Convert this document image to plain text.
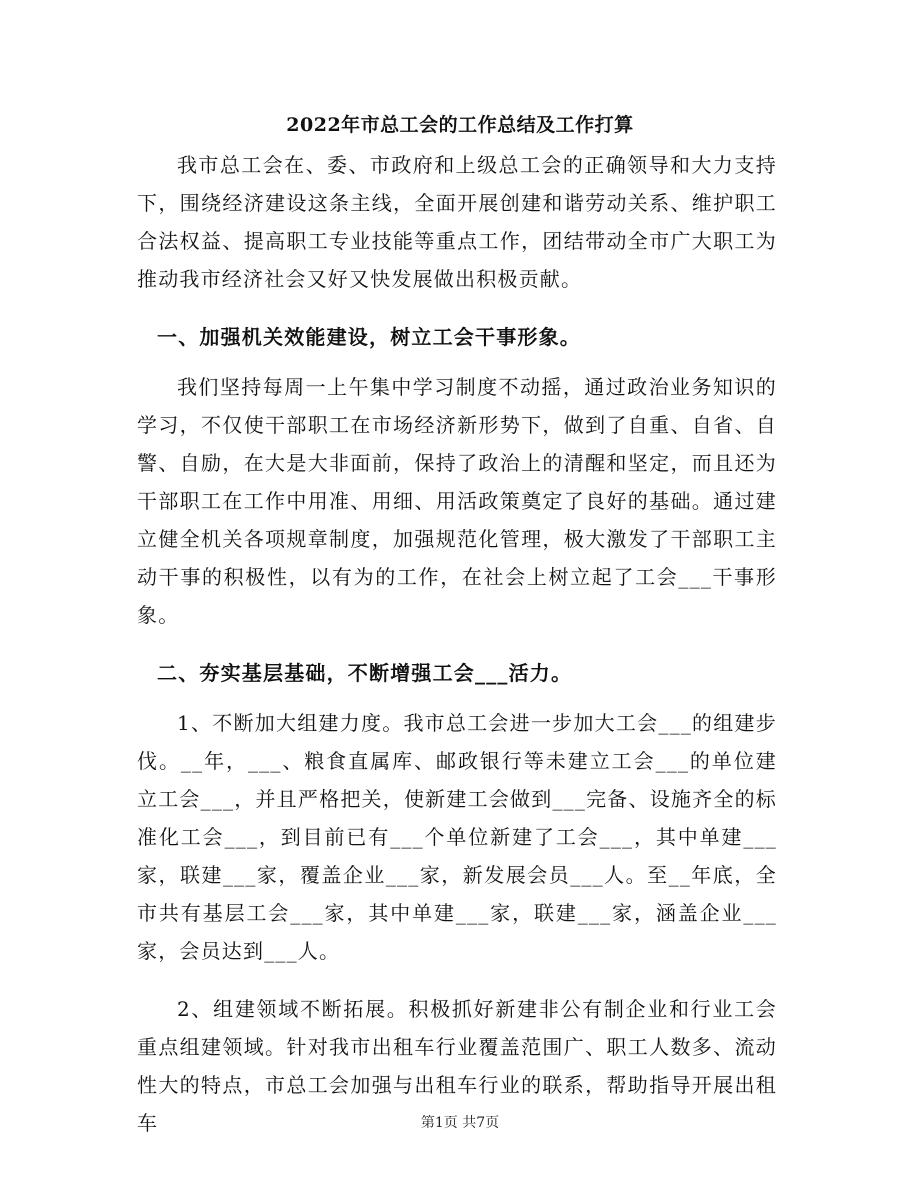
2022年市总工会的工作总结及工作打算

我市总工会在、委、市政府和上级总工会的正确领导和大力支持下，围绕经济建设这条主线，全面开展创建和谐劳动关系、维护职工合法权益、提高职工专业技能等重点工作，团结带动全市广大职工为推动我市经济社会又好又快发展做出积极贡献。

一、加强机关效能建设，树立工会干事形象。

我们坚持每周一上午集中学习制度不动摇，通过政治业务知识的学习，不仅使干部职工在市场经济新形势下，做到了自重、自省、自警、自励，在大是大非面前，保持了政治上的清醒和坚定，而且还为干部职工在工作中用准、用细、用活政策奠定了良好的基础。通过建立健全机关各项规章制度，加强规范化管理，极大激发了干部职工主动干事的积极性，以有为的工作，在社会上树立起了工会___干事形象。

二、夯实基层基础，不断增强工会___活力。

1、不断加大组建力度。我市总工会进一步加大工会___的组建步伐。__年，___、粮食直属库、邮政银行等未建立工会___的单位建立工会___，并且严格把关，使新建工会做到___完备、设施齐全的标准化工会___，到目前已有___个单位新建了工会___，其中单建___家，联建___家，覆盖企业___家，新发展会员___人。至__年底，全市共有基层工会___家，其中单建___家，联建___家，涵盖企业___家，会员达到___人。

2、组建领域不断拓展。积极抓好新建非公有制企业和行业工会重点组建领域。针对我市出租车行业覆盖范围广、职工人数多、流动性大的特点，市总工会加强与出租车行业的联系，帮助指导开展出租车	第1页 共7页
